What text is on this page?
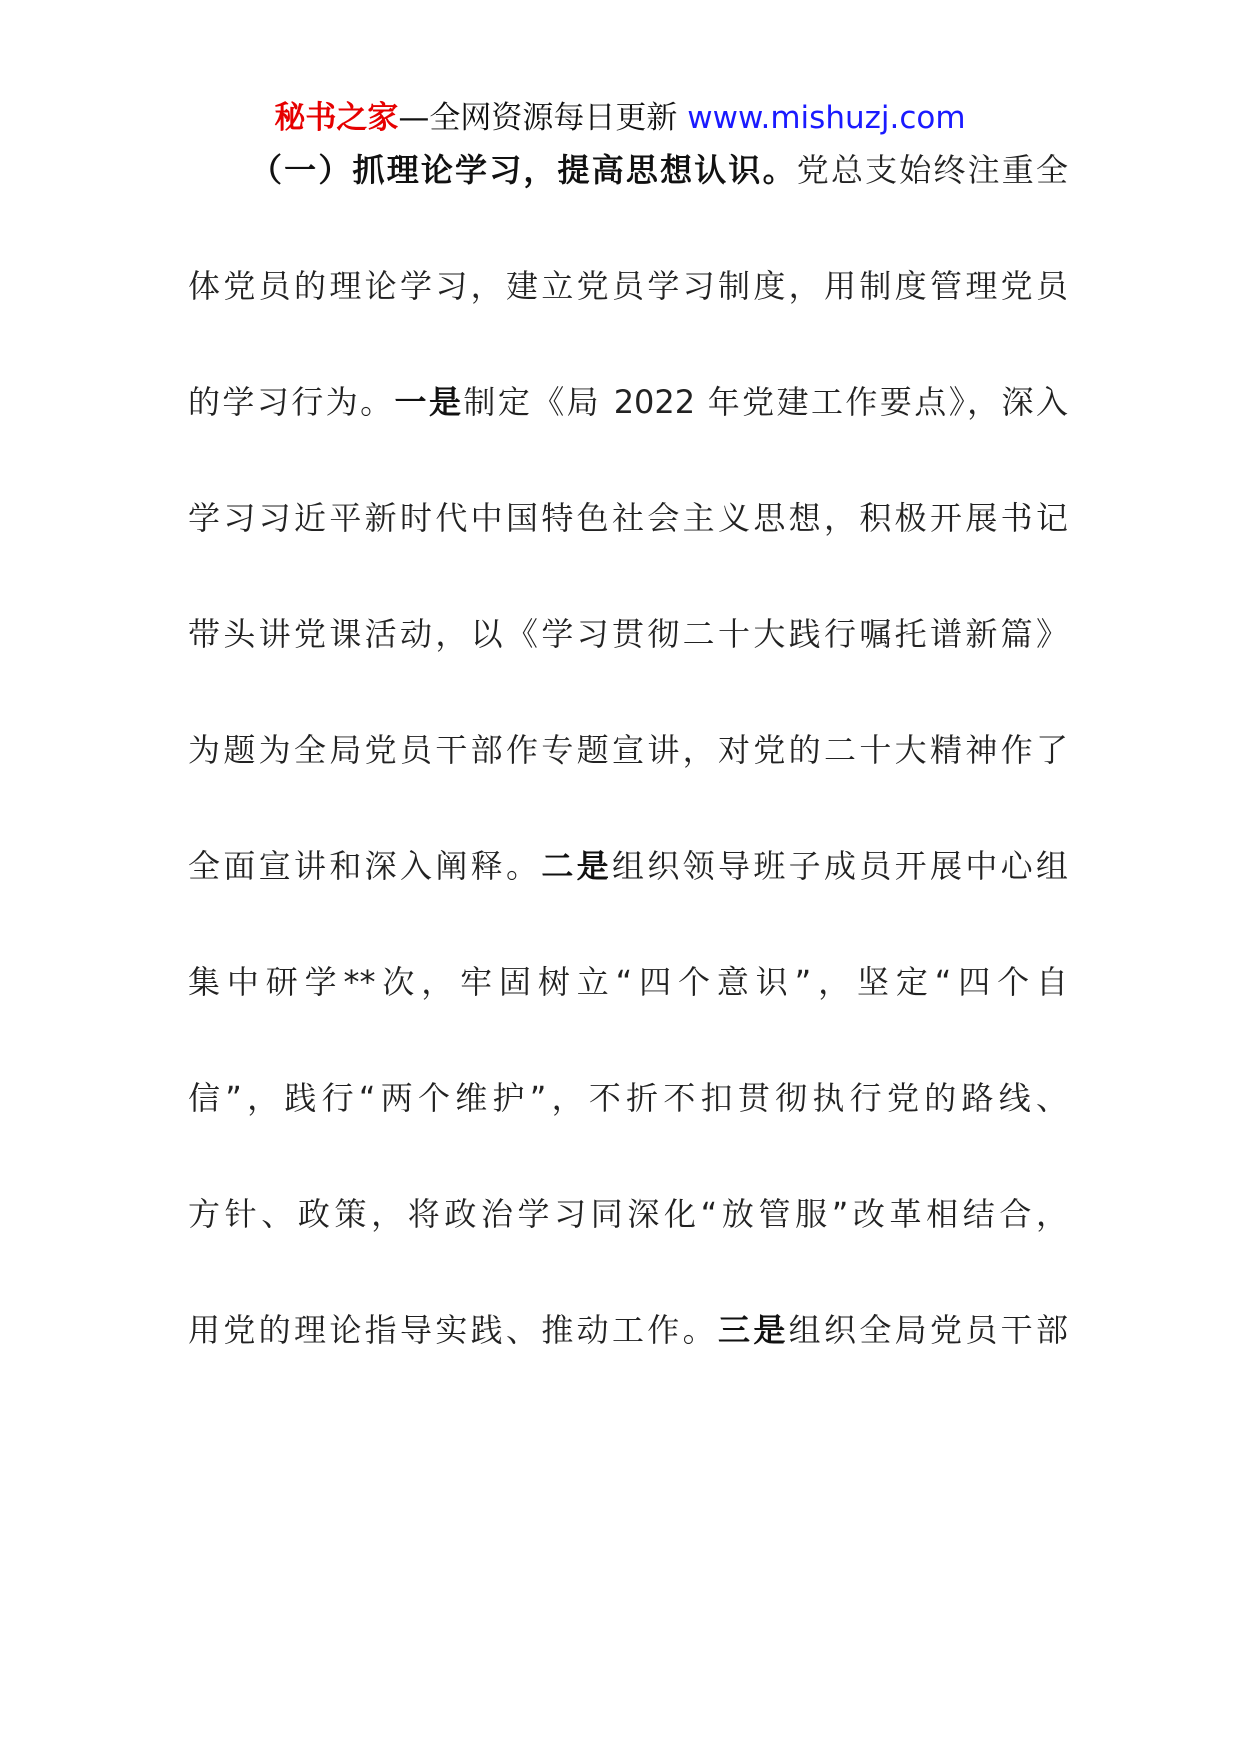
秘书之家—全网资源每日更新 www.mishuzj.com
（一）抓理论学习，提高思想认识。党总支始终注重全
体党员的理论学习，建立党员学习制度，用制度管理党员
的学习行为。一是制定《局 2022 年党建工作要点》，深入
学习习近平新时代中国特色社会主义思想，积极开展书记
带头讲党课活动，以《学习贯彻二十大践行嘱托谱新篇》
为题为全局党员干部作专题宣讲，对党的二十大精神作了
全面宣讲和深入阐释。二是组织领导班子成员开展中心组
集中研学**次，牢固树立“四个意识”，坚定“四个自
信”，践行“两个维护”，不折不扣贯彻执行党的路线、
方针、政策，将政治学习同深化“放管服”改革相结合，
用党的理论指导实践、推动工作。三是组织全局党员干部
